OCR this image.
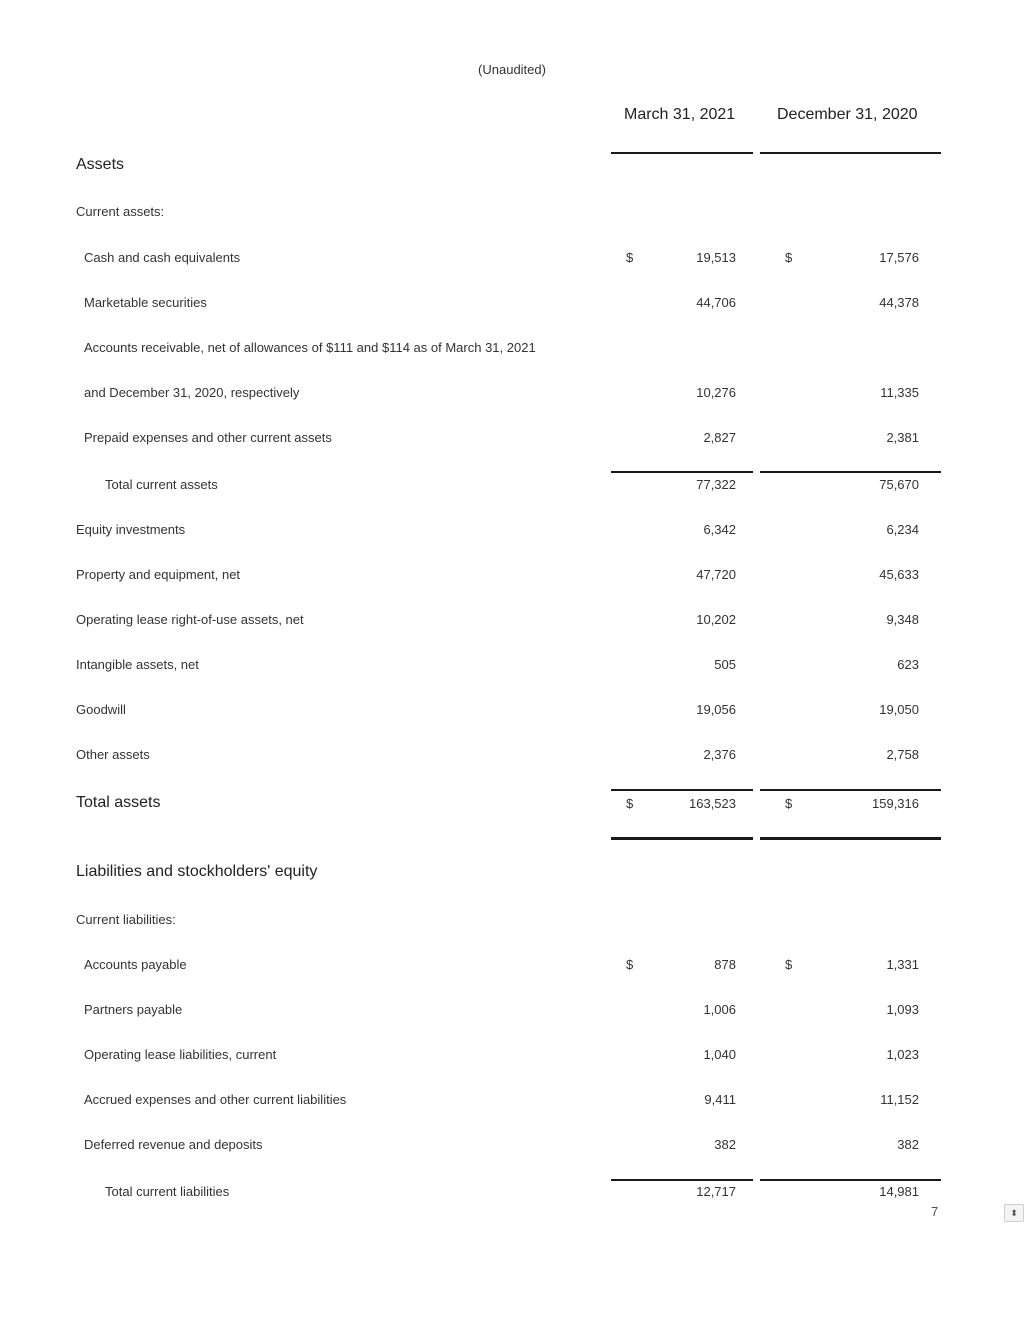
(Unaudited)
March 31, 2021	December 31, 2020
Assets
Current assets:
Cash and cash equivalents	$	19,513	$	17,576
Marketable securities	44,706	44,378
Accounts receivable, net of allowances of $111 and $114 as of March 31, 2021
and December 31, 2020, respectively	10,276	11,335
Prepaid expenses and other current assets	2,827	2,381
Total current assets	77,322	75,670
Equity investments	6,342	6,234
Property and equipment, net	47,720	45,633
Operating lease right-of-use assets, net	10,202	9,348
Intangible assets, net	505	623
Goodwill	19,056	19,050
Other assets	2,376	2,758
Total assets	$	163,523	$	159,316
Liabilities and stockholders' equity
Current liabilities:
Accounts payable	$	878	$	1,331
Partners payable	1,006	1,093
Operating lease liabilities, current	1,040	1,023
Accrued expenses and other current liabilities	9,411	11,152
Deferred revenue and deposits	382	382
Total current liabilities	12,717	14,981
7	⬍
